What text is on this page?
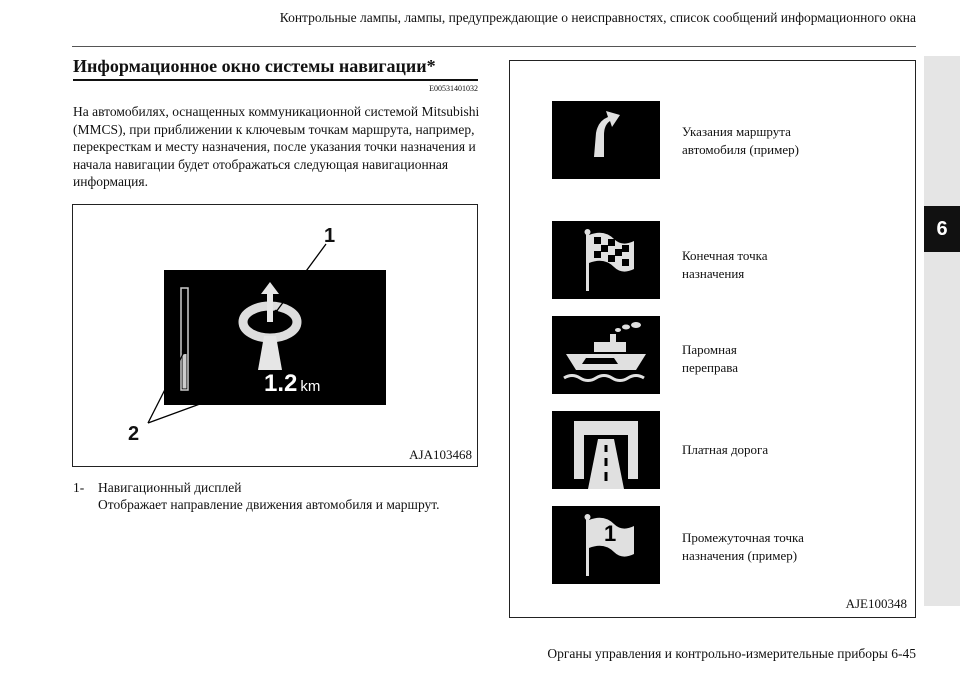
Контрольные лампы, лампы, предупреждающие о неисправностях, список сообщений информационного окна
6
Информационное окно системы навигации*
E00531401032
На автомобилях, оснащенных коммуникационной системой Mitsubishi (MMCS), при приближении к ключевым точкам маршрута, например, перекресткам и месту назначения, после указания точки назначения и начала навигации будет отображаться следующая навигационная информация.
1.2 km
1
2
AJA103468
1-	Навигационный дисплей
Отображает направление движения автомобиля и маршрут.
Указания маршрута
автомобиля (пример)
Конечная точка
назначения
Паромная
переправа
Платная дорога
1	Промежуточная точка
назначения (пример)
AJE100348
Органы управления и контрольно-измерительные приборы 6-45
